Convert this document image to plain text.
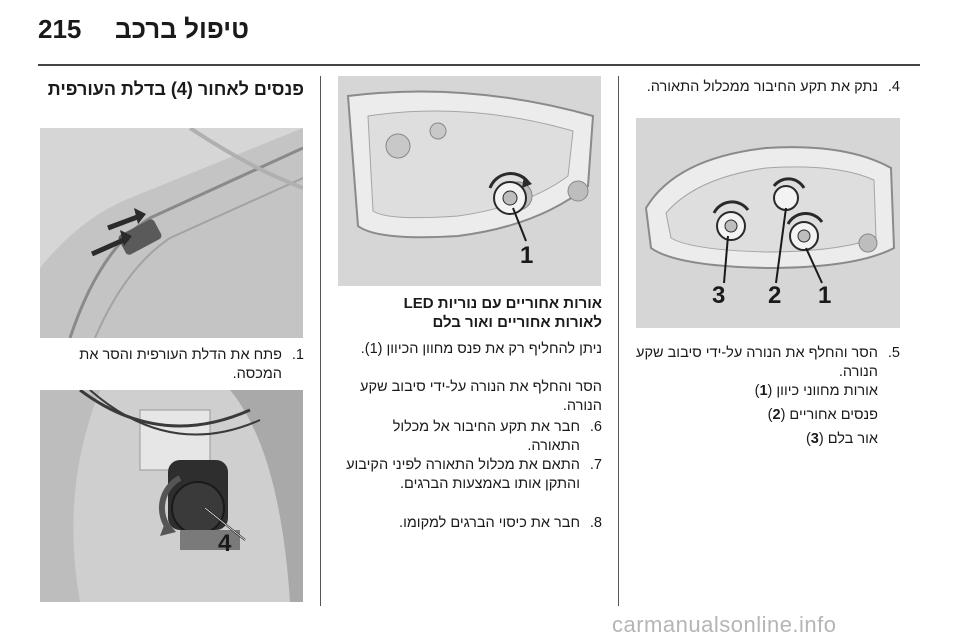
215 טיפול ברכב
פנסים לאחור (4) בדלת העורפית
1.
פתח את הדלת העורפית והסר את המכסה.
4
1
אורות אחוריים עם נוריות LED
לאורות אחוריים ואור בלם
ניתן להחליף רק את פנס מחוון הכיוון (1).
הסר והחלף את הנורה על-ידי סיבוב שקע הנורה.
6.
חבר את תקע החיבור אל מכלול התאורה.
7.
התאם את מכלול התאורה לפיני הקיבוע והתקן אותו באמצעות הברגים.
8.
חבר את כיסוי הברגים למקומו.
4.
נתק את תקע החיבור ממכלול התאורה.
3 2 1
5.
הסר והחלף את הנורה על-ידי סיבוב שקע הנורה.
אורות מחווני כיוון (1)
פנסים אחוריים (2)
אור בלם (3)
carmanualsonline.info
